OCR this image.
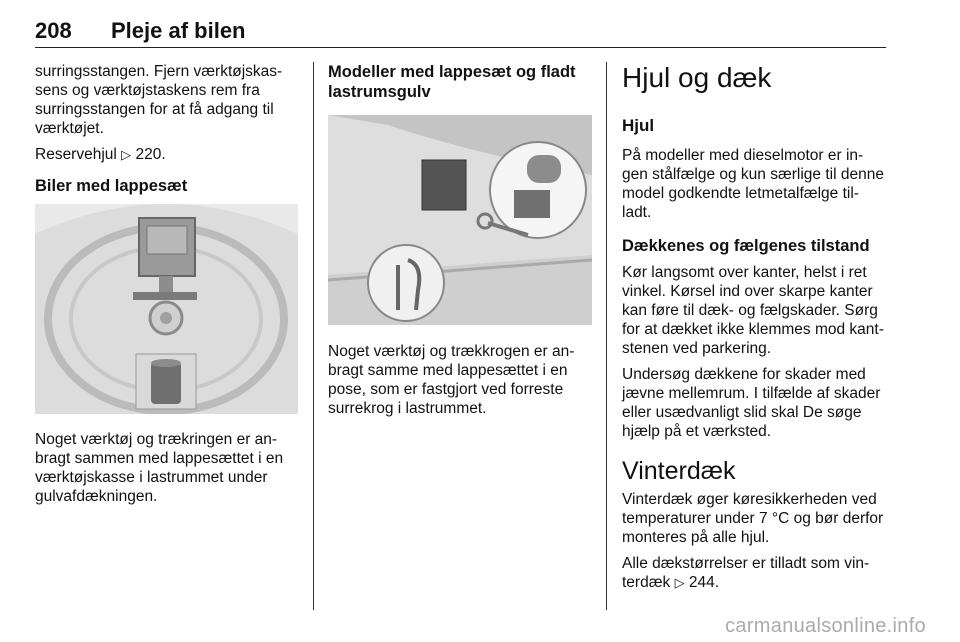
208 Pleje af bilen

surringsstangen. Fjern værktøjskas- sens og værktøjstaskens rem fra surringsstangen for at få adgang til værktøjet.

Reservehjul ▷ 220.

Biler med lappesæt

Noget værktøj og trækringen er an- bragt sammen med lappesættet i en værktøjskasse i lastrummet under gulvafdækningen.

Modeller med lappesæt og fladt lastrumsgulv

Noget værktøj og trækkrogen er an- bragt samme med lappesættet i en pose, som er fastgjort ved forreste surrekrog i lastrummet.

Hjul og dæk
Hjul

På modeller med dieselmotor er in- gen stålfælge og kun særlige til denne model godkendte letmetalfælge til- ladt.

Dækkenes og fælgenes tilstand

Kør langsomt over kanter, helst i ret vinkel. Kørsel ind over skarpe kanter kan føre til dæk- og fælgskader. Sørg for at dækket ikke klemmes mod kant- stenen ved parkering.

Undersøg dækkene for skader med jævne mellemrum. I tilfælde af skader eller usædvanligt slid skal De søge hjælp på et værksted.

Vinterdæk

Vinterdæk øger køresikkerheden ved temperaturer under 7 °C og bør derfor monteres på alle hjul.

Alle dækstørrelser er tilladt som vin- terdæk ▷ 244.

carmanualsonline.info
